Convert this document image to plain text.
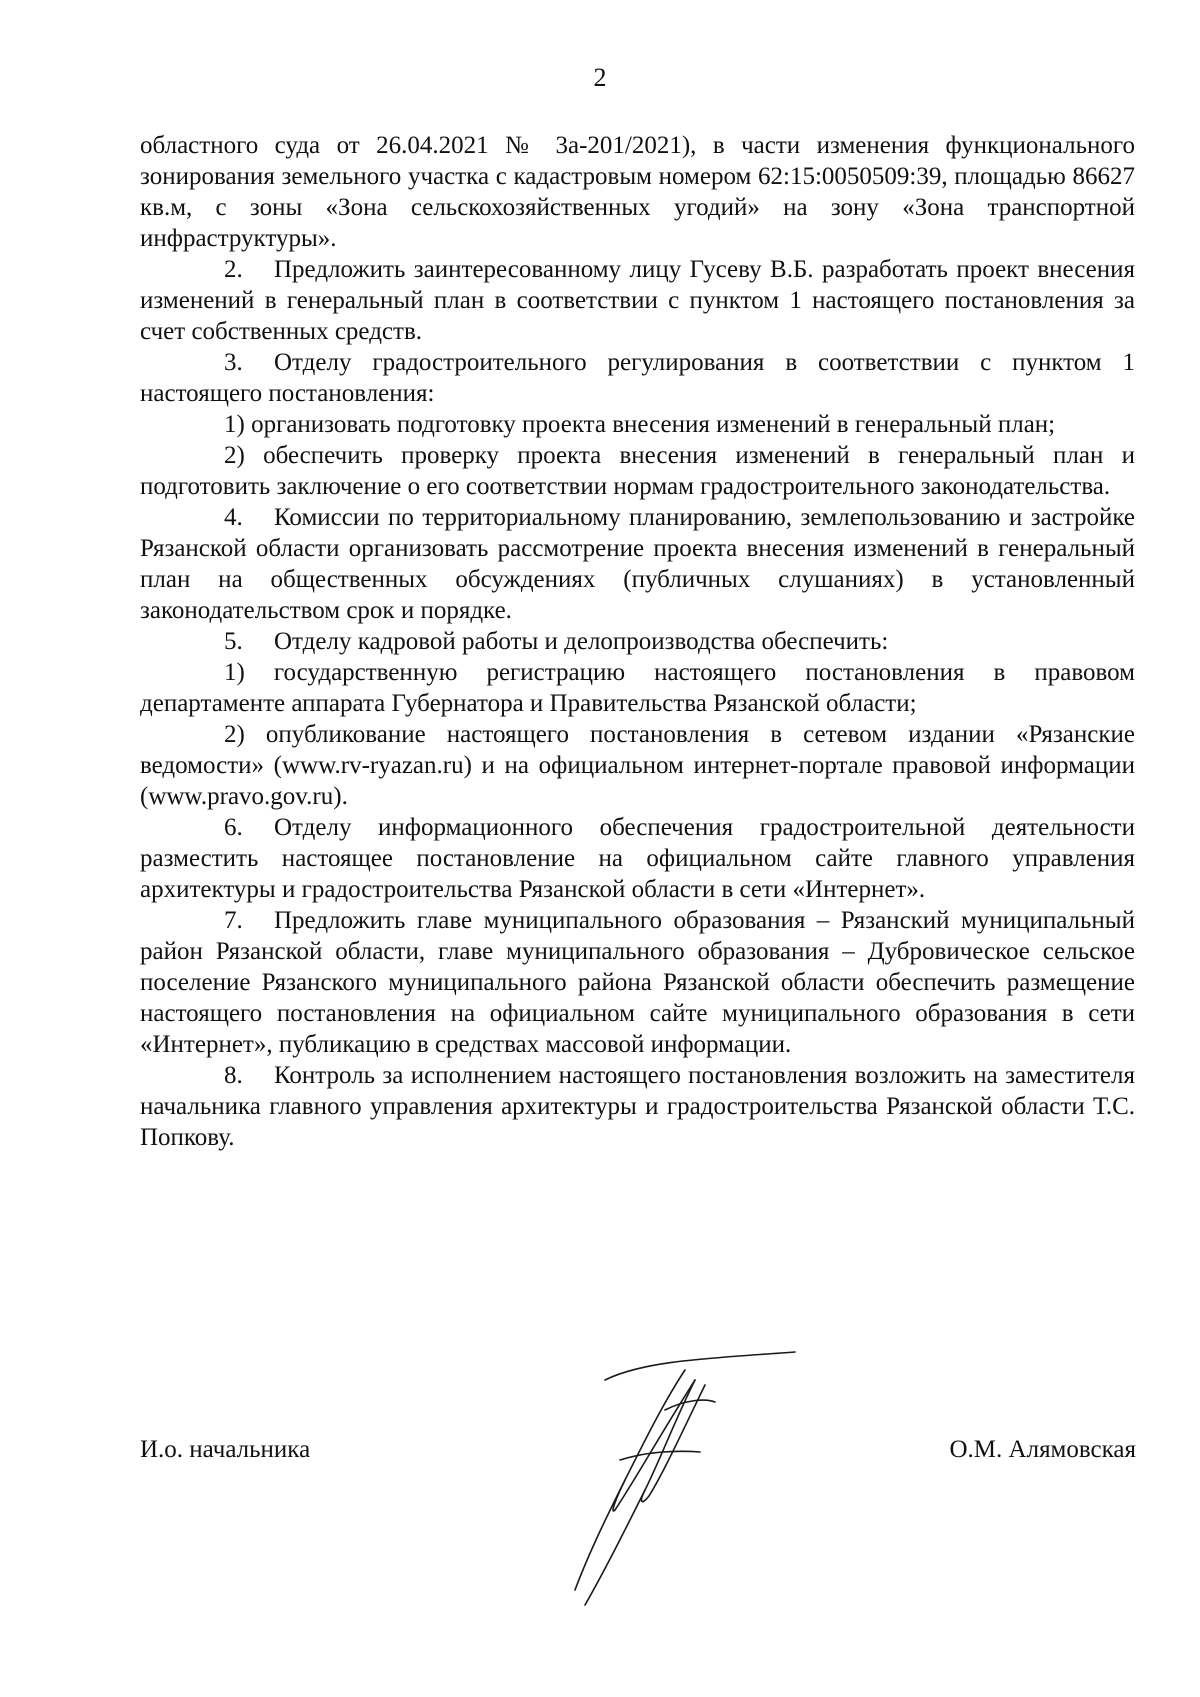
2

областного суда от 26.04.2021 № 3а-201/2021), в части изменения функционального зонирования земельного участка с кадастровым номером 62:15:0050509:39, площадью 86627 кв.м, с зоны «Зона сельскохозяйственных угодий» на зону «Зона транспортной инфраструктуры».

2. Предложить заинтересованному лицу Гусеву В.Б. разработать проект внесения изменений в генеральный план в соответствии с пунктом 1 настоящего постановления за счет собственных средств.

3. Отделу градостроительного регулирования в соответствии с пунктом 1 настоящего постановления:

1) организовать подготовку проекта внесения изменений в генеральный план;

2) обеспечить проверку проекта внесения изменений в генеральный план и подготовить заключение о его соответствии нормам градостроительного законодательства.

4. Комиссии по территориальному планированию, землепользованию и застройке Рязанской области организовать рассмотрение проекта внесения изменений в генеральный план на общественных обсуждениях (публичных слушаниях) в установленный законодательством срок и порядке.

5. Отделу кадровой работы и делопроизводства обеспечить:

1) государственную регистрацию настоящего постановления в правовом департаменте аппарата Губернатора и Правительства Рязанской области;

2) опубликование настоящего постановления в сетевом издании «Рязанские ведомости» (www.rv-ryazan.ru) и на официальном интернет-портале правовой информации (www.pravo.gov.ru).

6. Отделу информационного обеспечения градостроительной деятельности разместить настоящее постановление на официальном сайте главного управления архитектуры и градостроительства Рязанской области в сети «Интернет».

7. Предложить главе муниципального образования – Рязанский муниципальный район Рязанской области, главе муниципального образования – Дубровическое сельское поселение Рязанского муниципального района Рязанской области обеспечить размещение настоящего постановления на официальном сайте муниципального образования в сети «Интернет», публикацию в средствах массовой информации.

8. Контроль за исполнением настоящего постановления возложить на заместителя начальника главного управления архитектуры и градостроительства Рязанской области Т.С. Попкову.

И.о. начальника	О.М. Алямовская
